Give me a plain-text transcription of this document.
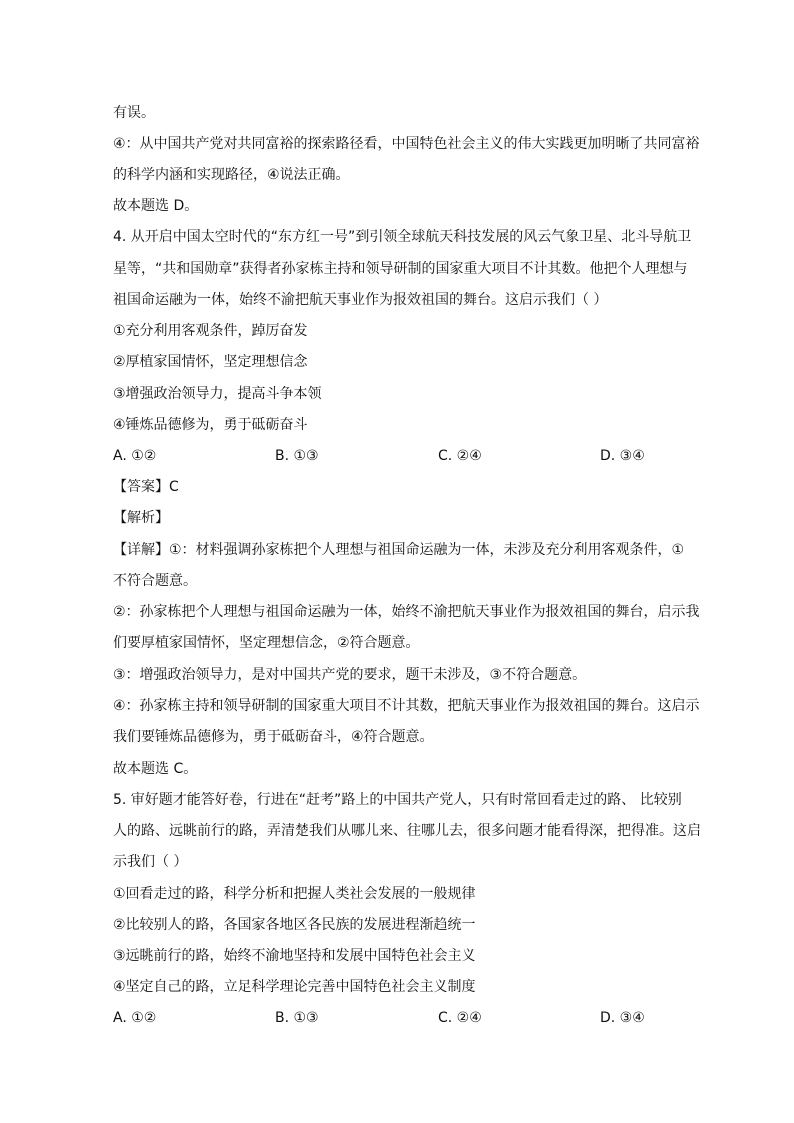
有误。
④：从中国共产党对共同富裕的探索路径看，中国特色社会主义的伟大实践更加明晰了共同富裕
的科学内涵和实现路径，④说法正确。
故本题选 D。
4. 从开启中国太空时代的“东方红一号”到引领全球航天科技发展的风云气象卫星、北斗导航卫
星等，“共和国勋章”获得者孙家栋主持和领导研制的国家重大项目不计其数。他把个人理想与
祖国命运融为一体，始终不渝把航天事业作为报效祖国的舞台。这启示我们（ ）
①充分利用客观条件，踔厉奋发
②厚植家国情怀，坚定理想信念
③增强政治领导力，提高斗争本领
④锤炼品德修为，勇于砥砺奋斗
A. ①②	B. ①③	C. ②④	D. ③④
【答案】C
【解析】
【详解】①：材料强调孙家栋把个人理想与祖国命运融为一体，未涉及充分利用客观条件，①
不符合题意。
②：孙家栋把个人理想与祖国命运融为一体，始终不渝把航天事业作为报效祖国的舞台，启示我
们要厚植家国情怀，坚定理想信念，②符合题意。
③：增强政治领导力，是对中国共产党的要求，题干未涉及，③不符合题意。
④：孙家栋主持和领导研制的国家重大项目不计其数，把航天事业作为报效祖国的舞台。这启示
我们要锤炼品德修为，勇于砥砺奋斗，④符合题意。
故本题选 C。
5. 审好题才能答好卷，行进在“赶考”路上的中国共产党人，只有时常回看走过的路、 比较别
人的路、远眺前行的路，弄清楚我们从哪儿来、往哪儿去，很多问题才能看得深，把得准。这启
示我们（ ）
①回看走过的路，科学分析和把握人类社会发展的一般规律
②比较别人的路，各国家各地区各民族的发展进程渐趋统一
③远眺前行的路，始终不渝地坚持和发展中国特色社会主义
④坚定自己的路，立足科学理论完善中国特色社会主义制度
A. ①②	B. ①③	C. ②④	D. ③④
